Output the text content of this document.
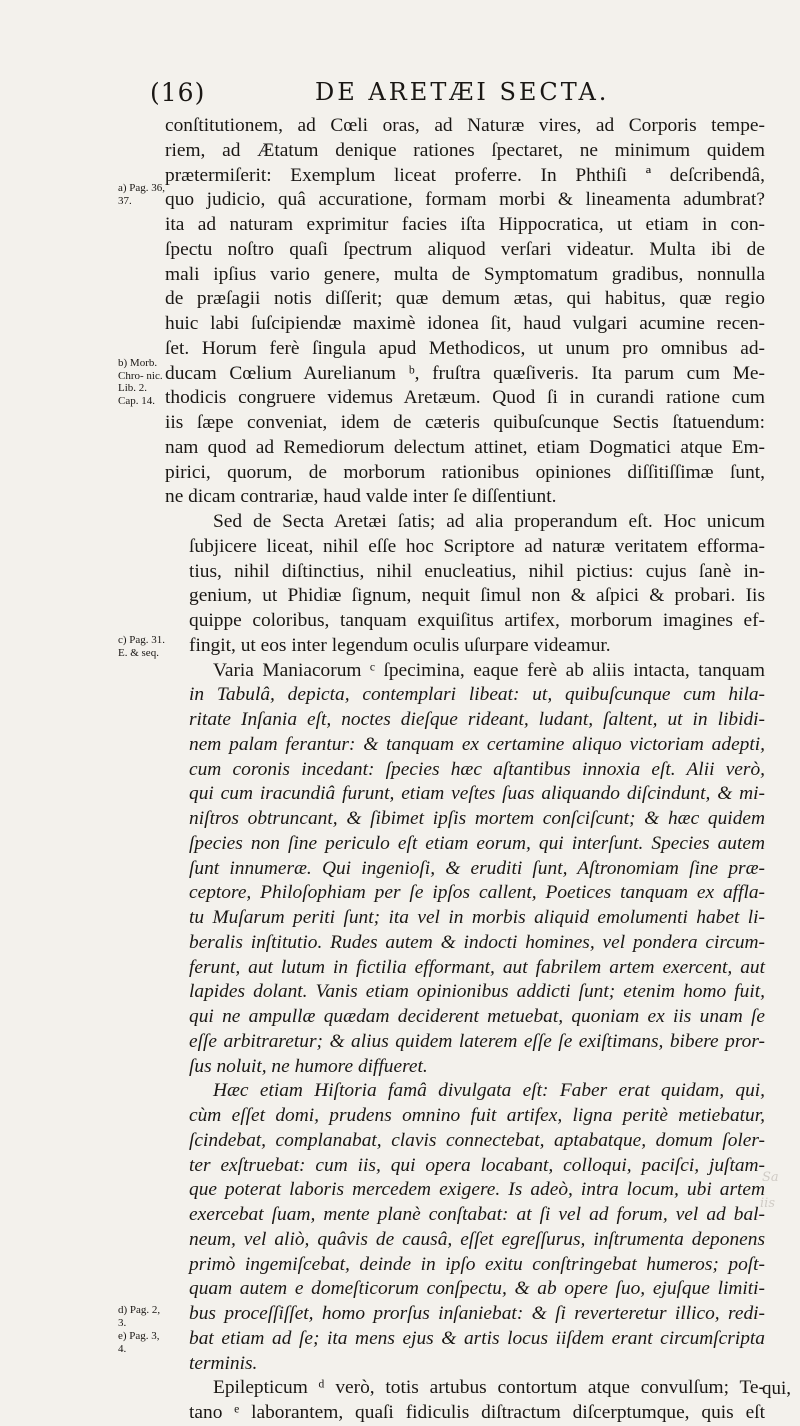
(16)	DE ARETÆI SECTA.
a) Pag. 36, 37.
b) Morb. Chro- nic. Lib. 2. Cap. 14.
c) Pag. 31. E. & seq.
d) Pag. 2, 3.
e) Pag. 3, 4.

conſtitutionem, ad Cœli oras, ad Naturæ vires, ad Corporis tempe-
riem, ad Ætatum denique rationes ſpectaret, ne minimum quidem
prætermiſerit: Exemplum liceat proferre. In Phthiſi ª deſcribendâ,
quo judicio, quâ accuratione, formam morbi & lineamenta adumbrat?
ita ad naturam exprimitur facies iſta Hippocratica, ut etiam in con-
ſpectu noſtro quaſi ſpectrum aliquod verſari videatur. Multa ibi de
mali ipſius vario genere, multa de Symptomatum gradibus, nonnulla
de præſagii notis diſſerit; quæ demum ætas, qui habitus, quæ regio
huic labi ſuſcipiendæ maximè idonea ſit, haud vulgari acumine recen-
ſet. Horum ferè ſingula apud Methodicos, ut unum pro omnibus ad-
ducam Cœlium Aurelianum ᵇ, fruſtra quæſiveris. Ita parum cum Me-
thodicis congruere videmus Aretæum. Quod ſi in curandi ratione cum
iis ſæpe conveniat, idem de cæteris quibuſcunque Sectis ſtatuendum:
nam quod ad Remediorum delectum attinet, etiam Dogmatici atque Em-
pirici, quorum, de morborum rationibus opiniones diſſitiſſimæ ſunt,
ne dicam contrariæ, haud valde inter ſe diſſentiunt.

Sed de Secta Aretæi ſatis; ad alia properandum eſt. Hoc unicum
ſubjicere liceat, nihil eſſe hoc Scriptore ad naturæ veritatem efforma-
tius, nihil diſtinctius, nihil enucleatius, nihil pictius: cujus ſanè in-
genium, ut Phidiæ ſignum, nequit ſimul non & aſpici & probari. Iis
quippe coloribus, tanquam exquiſitus artifex, morborum imagines ef-
fingit, ut eos inter legendum oculis uſurpare videamur.

Varia Maniacorum ᶜ ſpecimina, eaque ferè ab aliis intacta, tanquam
in Tabulâ, depicta, contemplari libeat: ut, quibuſcunque cum hila-
ritate Inſania eſt, noctes dieſque rideant, ludant, ſaltent, ut in libidi-
nem palam ferantur: & tanquam ex certamine aliquo victoriam adepti,
cum coronis incedant: ſpecies hæc aſtantibus innoxia eſt. Alii verò,
qui cum iracundiâ furunt, etiam veſtes ſuas aliquando diſcindunt, & mi-
niſtros obtruncant, & ſibimet ipſis mortem conſciſcunt; & hæc quidem
ſpecies non ſine periculo eſt etiam eorum, qui interſunt. Species autem
ſunt innumeræ. Qui ingenioſi, & eruditi ſunt, Aſtronomiam ſine præ-
ceptore, Philoſophiam per ſe ipſos callent, Poetices tanquam ex affla-
tu Muſarum periti ſunt; ita vel in morbis aliquid emolumenti habet li-
beralis inſtitutio. Rudes autem & indocti homines, vel pondera circum-
ferunt, aut lutum in fictilia efformant, aut fabrilem artem exercent, aut
lapides dolant. Vanis etiam opinionibus addicti ſunt; etenim homo fuit,
qui ne ampullæ quædam deciderent metuebat, quoniam ex iis unam ſe
eſſe arbitraretur; & alius quidem laterem eſſe ſe exiſtimans, bibere pror-
ſus noluit, ne humore diffueret.

Hæc etiam Hiſtoria famâ divulgata eſt: Faber erat quidam, qui,
cùm eſſet domi, prudens omnino fuit artifex, ligna peritè metiebatur,
ſcindebat, complanabat, clavis connectebat, aptabatque, domum ſoler-
ter exſtruebat: cum iis, qui opera locabant, colloqui, paciſci, juſtam-
que poterat laboris mercedem exigere. Is adeò, intra locum, ubi artem
exercebat ſuam, mente planè conſtabat: at ſi vel ad forum, vel ad bal-
neum, vel aliò, quâvis de causâ, eſſet egreſſurus, inſtrumenta deponens
primò ingemiſcebat, deinde in ipſo exitu conſtringebat humeros; poſt-
quam autem e domeſticorum conſpectu, & ab opere ſuo, ejuſque limiti-
bus proceſſiſſet, homo prorſus inſaniebat: & ſi reverteretur illico, redi-
bat etiam ad ſe; ita mens ejus & artis locus iiſdem erant circumſcripta
terminis.

Epilepticum ᵈ verò, totis artubus contortum atque convulſum; Te-
tano ᵉ laborantem, quaſi fidiculis diſtractum diſcerptumque, quis eſt

qui,
Sa
iis
